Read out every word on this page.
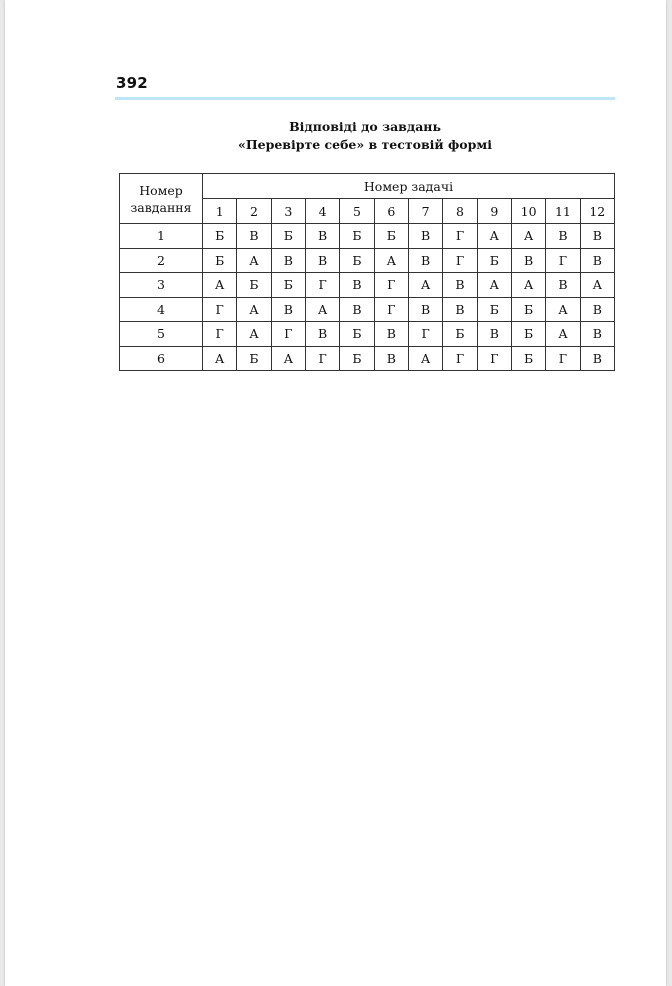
392
Відповіді до завдань
«Перевірте себе» в тестовій формі
Номер
завдання	Номер задачі											
	1	2	3	4	5	6	7	8	9	10	11	12
1	Б	В	Б	В	Б	Б	В	Г	А	А	В	В
2	Б	А	В	В	Б	А	В	Г	Б	В	Г	В
3	А	Б	Б	Г	В	Г	А	В	А	А	В	А
4	Г	А	В	А	В	Г	В	В	Б	Б	А	В
5	Г	А	Г	В	Б	В	Г	Б	В	Б	А	В
6	А	Б	А	Г	Б	В	А	Г	Г	Б	Г	В
